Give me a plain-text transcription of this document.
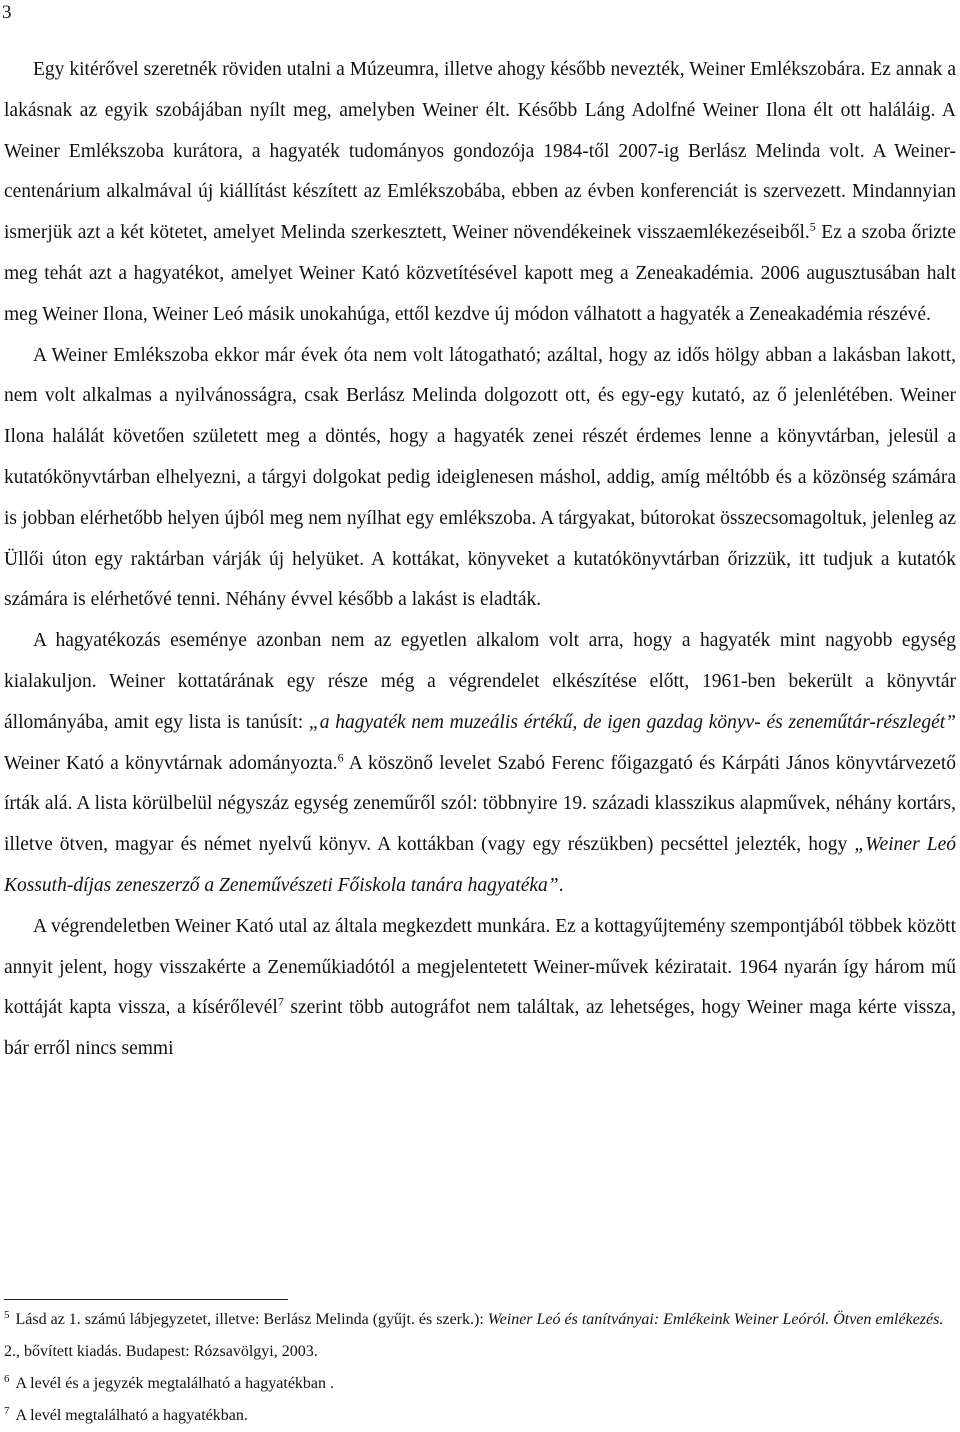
3

Egy kitérővel szeretnék röviden utalni a Múzeumra, illetve ahogy később nevezték, Weiner Emlékszobára. Ez annak a lakásnak az egyik szobájában nyílt meg, amelyben Weiner élt. Később Láng Adolfné Weiner Ilona élt ott haláláig. A Weiner Emlékszoba kurátora, a hagyaték tudományos gondozója 1984-től 2007-ig Berlász Melinda volt. A Weiner-centenárium alkalmával új kiállítást készített az Emlékszobába, ebben az évben konferenciát is szervezett. Mindannyian ismerjük azt a két kötetet, amelyet Melinda szerkesztett, Weiner növendékeinek visszaemlékezéseiből.$^5$ Ez a szoba őrizte meg tehát azt a hagyatékot, amelyet Weiner Kató közvetítésével kapott meg a Zeneakadémia. 2006 augusztusában halt meg Weiner Ilona, Weiner Leó másik unokahúga, ettől kezdve új módon válhatott a hagyaték a Zeneakadémia részévé.

A Weiner Emlékszoba ekkor már évek óta nem volt látogatható; azáltal, hogy az idős hölgy abban a lakásban lakott, nem volt alkalmas a nyilvánosságra, csak Berlász Melinda dolgozott ott, és egy-egy kutató, az ő jelenlétében. Weiner Ilona halálát követően született meg a döntés, hogy a hagyaték zenei részét érdemes lenne a könyvtárban, jelesül a kutatókönyvtárban elhelyezni, a tárgyi dolgokat pedig ideiglenesen máshol, addig, amíg méltóbb és a közönség számára is jobban elérhetőbb helyen újból meg nem nyílhat egy emlékszoba. A tárgyakat, bútorokat összecsomagoltuk, jelenleg az Üllői úton egy raktárban várják új helyüket. A kottákat, könyveket a kutatókönyvtárban őrizzük, itt tudjuk a kutatók számára is elérhetővé tenni. Néhány évvel később a lakást is eladták.

A hagyatékozás eseménye azonban nem az egyetlen alkalom volt arra, hogy a hagyaték mint nagyobb egység kialakuljon. Weiner kottatárának egy része még a végrendelet elkészítése előtt, 1961-ben bekerült a könyvtár állományába, amit egy lista is tanúsít: „a hagyaték nem muzeális értékű, de igen gazdag könyv- és zeneműtár-részlegét” Weiner Kató a könyvtárnak adományozta.$^6$ A köszönő levelet Szabó Ferenc főigazgató és Kárpáti János könyvtárvezető írták alá. A lista körülbelül négyszáz egység zeneműről szól: többnyire 19. századi klasszikus alapművek, néhány kortárs, illetve ötven, magyar és német nyelvű könyv. A kottákban (vagy egy részükben) pecséttel jelezték, hogy „Weiner Leó Kossuth-díjas zeneszerző a Zeneművészeti Főiskola tanára hagyatéka”.

A végrendeletben Weiner Kató utal az általa megkezdett munkára. Ez a kottagyűjtemény szempontjából többek között annyit jelent, hogy visszakérte a Zeneműkiadótól a megjelentetett Weiner-művek kéziratait. 1964 nyarán így három mű kottáját kapta vissza, a kísérőlevél$^7$ szerint több autográfot nem találtak, az lehetséges, hogy Weiner maga kérte vissza, bár erről nincs semmi

$^5$ Lásd az 1. számú lábjegyzetet, illetve: Berlász Melinda (gyűjt. és szerk.): Weiner Leó és tanítványai: Emlékeink Weiner Leóról. Ötven emlékezés. 2., bővített kiadás. Budapest: Rózsavölgyi, 2003.

$^6$ A levél és a jegyzék megtalálható a hagyatékban .

$^7$ A levél megtalálható a hagyatékban.
